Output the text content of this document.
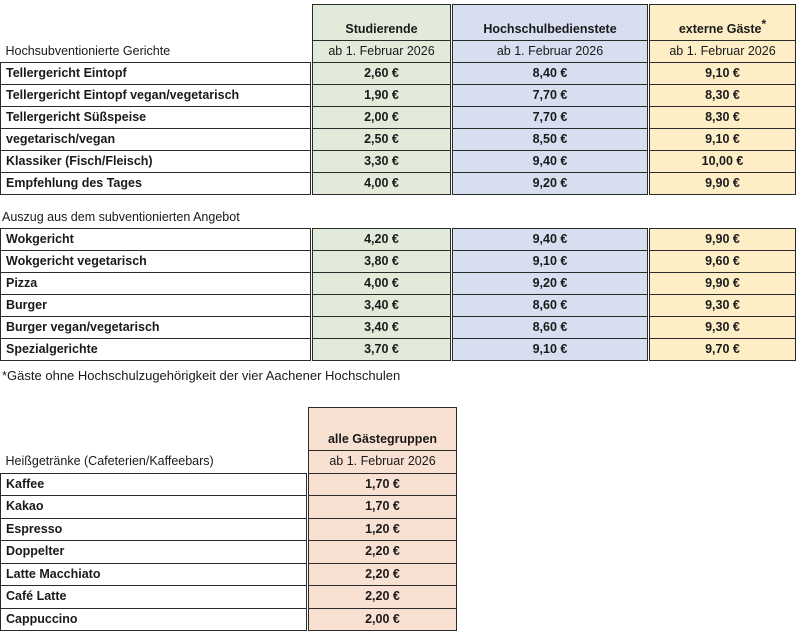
		Studierende		Hochschulbedienstete		externe Gäste*
Hochsubventionierte Gerichte		ab 1. Februar 2026		ab 1. Februar 2026		ab 1. Februar 2026
Tellergericht Eintopf		2,60 €		8,40 €		9,10 €
Tellergericht Eintopf vegan/vegetarisch		1,90 €		7,70 €		8,30 €
Tellergericht Süßspeise		2,00 €		7,70 €		8,30 €
vegetarisch/vegan		2,50 €		8,50 €		9,10 €
Klassiker (Fisch/Fleisch)		3,30 €		9,40 €		10,00 €
Empfehlung des Tages		4,00 €		9,20 €		9,90 €
Auszug aus dem subventionierten Angebot
Wokgericht		4,20 €		9,40 €		9,90 €
Wokgericht vegetarisch		3,80 €		9,10 €		9,60 €
Pizza		4,00 €		9,20 €		9,90 €
Burger		3,40 €		8,60 €		9,30 €
Burger vegan/vegetarisch		3,40 €		8,60 €		9,30 €
Spezialgerichte		3,70 €		9,10 €		9,70 €
*Gäste ohne Hochschulzugehörigkeit der vier Aachener Hochschulen
		alle Gästegruppen
Heißgetränke (Cafeterien/Kaffeebars)		ab 1. Februar 2026
Kaffee		1,70 €
Kakao		1,70 €
Espresso		1,20 €
Doppelter		2,20 €
Latte Macchiato		2,20 €
Café Latte		2,20 €
Cappuccino		2,00 €
